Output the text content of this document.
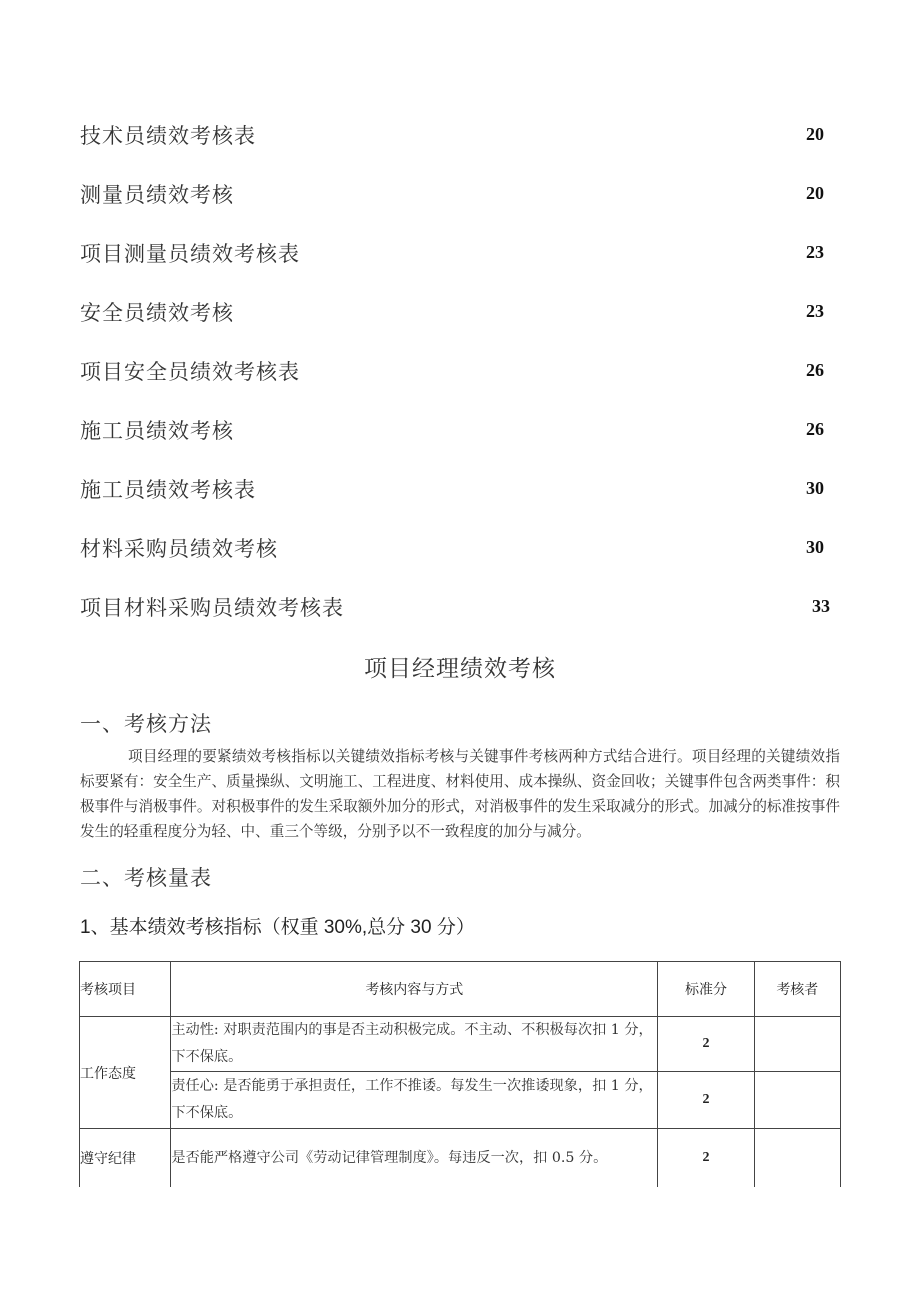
技术员绩效考核表	20
测量员绩效考核	20
项目测量员绩效考核表	23
安全员绩效考核	23
项目安全员绩效考核表	26
施工员绩效考核	26
施工员绩效考核表	30
材料采购员绩效考核	30
项目材料采购员绩效考核表	33
项目经理绩效考核
一、考核方法
项目经理的要紧绩效考核指标以关键绩效指标考核与关键事件考核两种方式结合进行。项目经理的关键绩效指标要紧有：安全生产、质量操纵、文明施工、工程进度、材料使用、成本操纵、资金回收；关键事件包含两类事件：积极事件与消极事件。对积极事件的发生采取额外加分的形式，对消极事件的发生采取减分的形式。加减分的标准按事件发生的轻重程度分为轻、中、重三个等级，分别予以不一致程度的加分与减分。
二、考核量表
1、基本绩效考核指标（权重 30%,总分 30 分）
考核项目	考核内容与方式	标准分	考核者
工作态度	主动性: 对职责范围内的事是否主动积极完成。不主动、不积极每次扣 1 分，下不保底。	2	
	责任心: 是否能勇于承担责任，工作不推诿。每发生一次推诿现象，扣 1 分，下不保底。	2	
遵守纪律	是否能严格遵守公司《劳动记律管理制度》。每违反一次，扣 0.5 分。	2	
